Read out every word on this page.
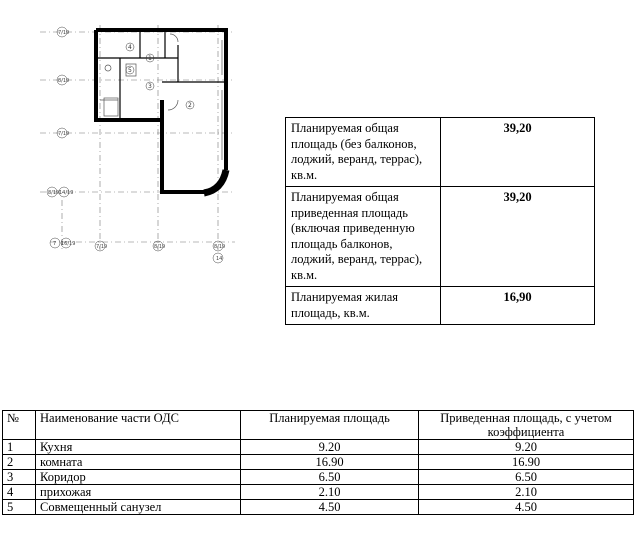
4
1
5
3
2
7/19
8/19
7/19
8/19 14/19
7 16/19	7/19	8/19	8/19
14
Планируемая общая площадь (без балконов, лоджий, веранд, террас), кв.м.	39,20
Планируемая общая приведенная площадь (включая приведенную площадь балконов, лоджий, веранд, террас), кв.м.	39,20
Планируемая жилая площадь, кв.м.	16,90
№	Наименование части ОДС	Планируемая площадь	Приведенная площадь, с учетом коэффициента
1	Кухня	9.20	9.20
2	комната	16.90	16.90
3	Коридор	6.50	6.50
4	прихожая	2.10	2.10
5	Совмещенный санузел	4.50	4.50
